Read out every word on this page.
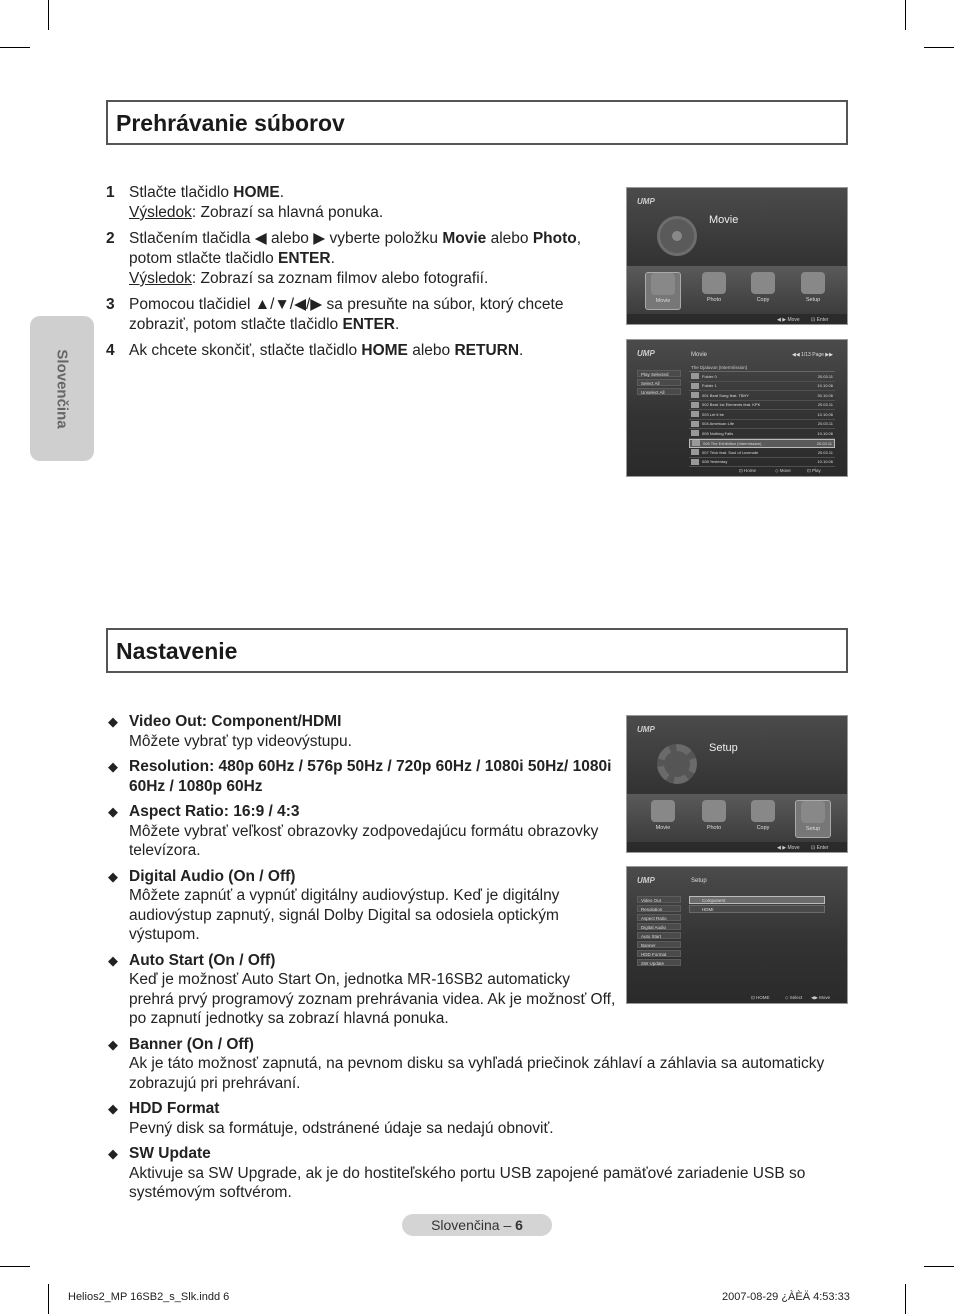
Prehrávanie súborov
Slovenčina
1 Stlačte tlačidlo HOME.
Výsledok: Zobrazí sa hlavná ponuka.
2 Stlačením tlačidla ◀ alebo ▶ vyberte položku Movie alebo Photo, potom stlačte tlačidlo ENTER.
Výsledok: Zobrazí sa zoznam filmov alebo fotografií.
3 Pomocou tlačidiel ▲/▼/◀/▶ sa presuňte na súbor, ktorý chcete zobraziť, potom stlačte tlačidlo ENTER.
4 Ak chcete skončiť, stlačte tlačidlo HOME alebo RETURN.
UMP
Movie
Movie	Photo	Copy	Setup
◀ ▶ Move ⊡ Enter
UMP	Movie	◀◀ 1/13 Page ▶▶
Play Selected
Select All
Unselect All
The Djaluvon (Interm/ission)
Folder 0	20.03.11
Folder 1	10.10.06
001 Beat Sung feat. TBHY	30.10.06
002 Beat 1st Elements feat. KPK	20.03.11
003 Let it be	10.10.06
004 American Life	20.03.11
005 Nothing Falls	10.10.06
006 The Exhibition (Intermission)	20.03.11
007 Trick feat. Soul of Lovenote	20.03.11
008 Yesterday	10.10.06
⊡ Home	◇ Move	⊡ Play
Nastavenie
◆ Video Out: Component/HDMI
Môžete vybrať typ videovýstupu.
◆ Resolution: 480p 60Hz / 576p 50Hz / 720p 60Hz / 1080i 50Hz/ 1080i 60Hz / 1080p 60Hz
◆ Aspect Ratio: 16:9 / 4:3
Môžete vybrať veľkosť obrazovky zodpovedajúcu formátu obrazovky televízora.
◆ Digital Audio (On / Off)
Môžete zapnúť a vypnúť digitálny audiovýstup. Keď je digitálny audiovýstup zapnutý, signál Dolby Digital sa odosiela optickým výstupom.
◆ Auto Start (On / Off)
Keď je možnosť Auto Start On, jednotka MR-16SB2 automaticky prehrá prvý programový zoznam prehrávania videa. Ak je možnosť Off, po zapnutí jednotky sa zobrazí hlavná ponuka.
◆ Banner (On / Off)
Ak je táto možnosť zapnutá, na pevnom disku sa vyhľadá priečinok záhlaví a záhlavia sa automaticky zobrazujú pri prehrávaní.
◆ HDD Format
Pevný disk sa formátuje, odstránené údaje sa nedajú obnoviť.
◆ SW Update
Aktivuje sa SW Upgrade, ak je do hostiteľského portu USB zapojené pamäťové zariadenie USB so systémovým softvérom.
UMP
Setup
Movie	Photo	Copy	Setup
◀ ▶ Move ⊡ Enter
UMP	Setup
Video Out
Resolution
Aspect Ratio
Digital Audio
Auto Start
Banner
HDD Format
SW Update
Component
HDMI
⊡ HOME	◇ Select ◀▶ Move
Slovenčina – 6
Helios2_MP 16SB2_s_Slk.indd 6	2007-08-29 ¿ÀÈÄ 4:53:33
